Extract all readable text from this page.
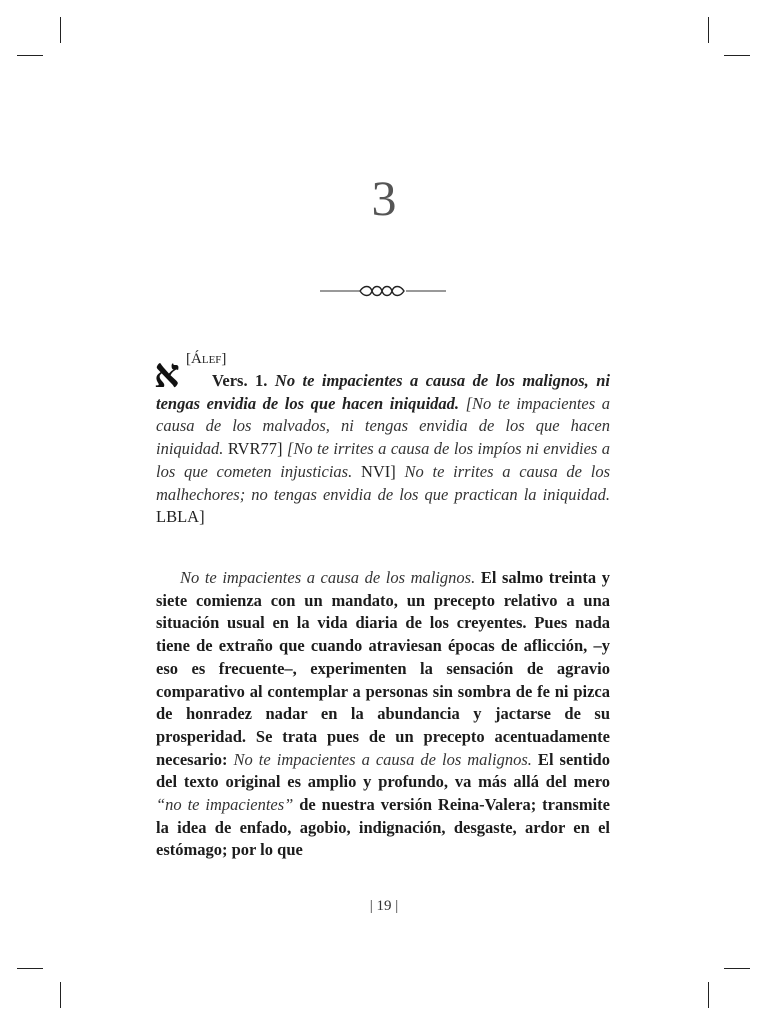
3
א [ÁLEF]
Vers. 1. No te impacientes a causa de los malignos, ni tengas envidia de los que hacen iniquidad. [No te impacientes a causa de los malvados, ni tengas envidia de los que hacen iniquidad. RVR77] [No te irrites a causa de los impíos ni envidies a los que cometen injusticias. NVI] No te irrites a causa de los malhechores; no tengas envidia de los que practican la iniquidad. LBLA]
No te impacientes a causa de los malignos. El salmo treinta y siete comienza con un mandato, un precepto relativo a una situación usual en la vida diaria de los creyentes. Pues nada tiene de extraño que cuando atraviesan épocas de aflicción, –y eso es frecuente–, experimenten la sensación de agravio comparativo al contemplar a personas sin sombra de fe ni pizca de honradez nadar en la abundancia y jactarse de su prosperidad. Se trata pues de un precepto acentuadamente necesario: No te impacientes a causa de los malignos. El sentido del texto original es amplio y profundo, va más allá del mero “no te impacientes” de nuestra versión Reina-Valera; transmite la idea de enfado, agobio, indignación, desgaste, ardor en el estómago; por lo que
| 19 |
